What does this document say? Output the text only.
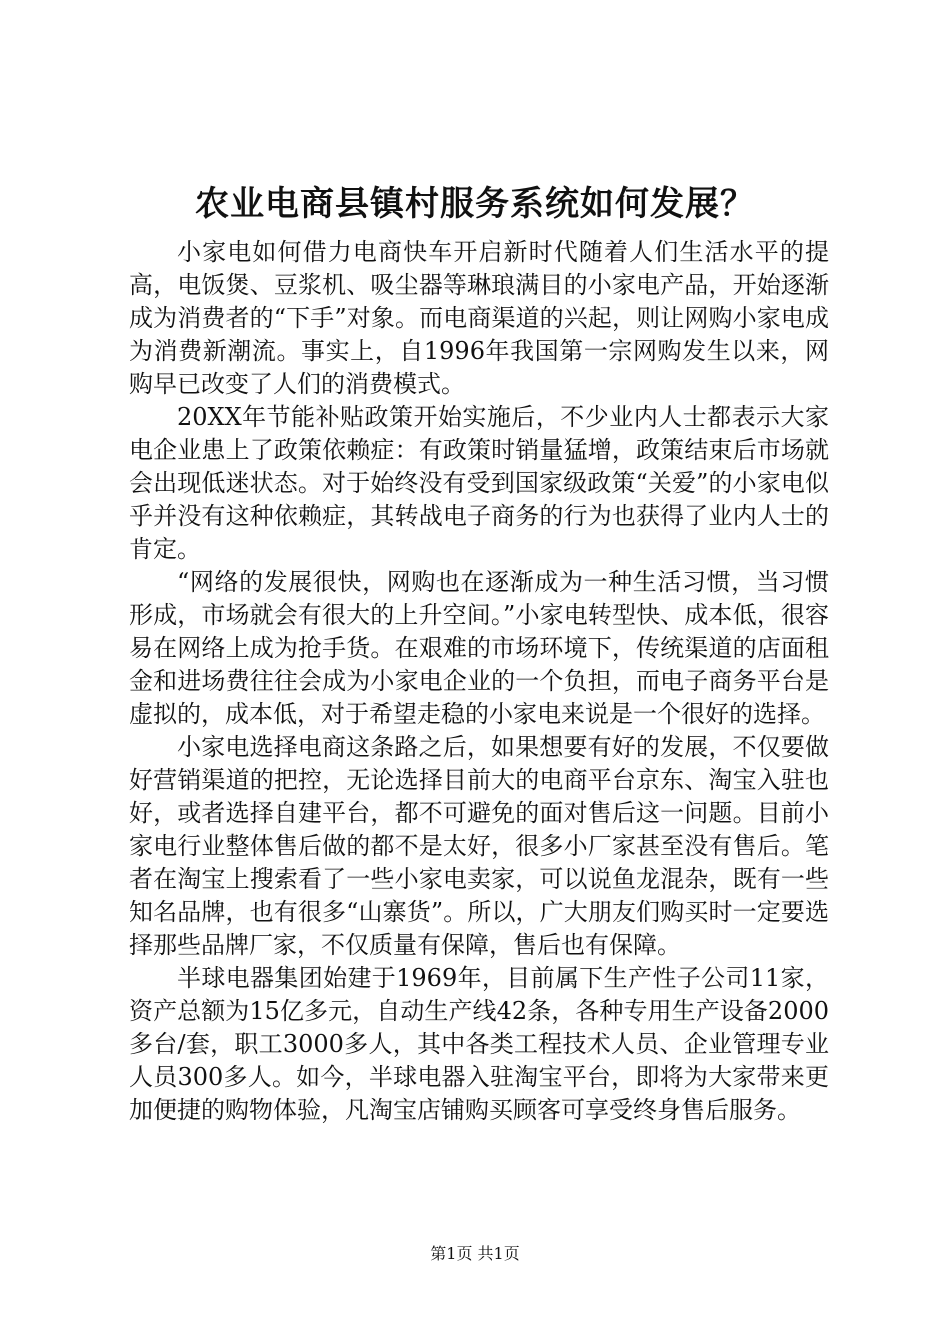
农业电商县镇村服务系统如何发展？

小家电如何借力电商快车开启新时代随着人们生活水平的提高，电饭煲、豆浆机、吸尘器等琳琅满目的小家电产品，开始逐渐成为消费者的“下手”对象。而电商渠道的兴起，则让网购小家电成为消费新潮流。事实上，自1996年我国第一宗网购发生以来，网购早已改变了人们的消费模式。

20XX年节能补贴政策开始实施后，不少业内人士都表示大家电企业患上了政策依赖症：有政策时销量猛增，政策结束后市场就会出现低迷状态。对于始终没有受到国家级政策“关爱”的小家电似乎并没有这种依赖症，其转战电子商务的行为也获得了业内人士的肯定。

“网络的发展很快，网购也在逐渐成为一种生活习惯，当习惯形成，市场就会有很大的上升空间。”小家电转型快、成本低，很容易在网络上成为抢手货。在艰难的市场环境下，传统渠道的店面租金和进场费往往会成为小家电企业的一个负担，而电子商务平台是虚拟的，成本低，对于希望走稳的小家电来说是一个很好的选择。

小家电选择电商这条路之后，如果想要有好的发展，不仅要做好营销渠道的把控，无论选择目前大的电商平台京东、淘宝入驻也好，或者选择自建平台，都不可避免的面对售后这一问题。目前小家电行业整体售后做的都不是太好，很多小厂家甚至没有售后。笔者在淘宝上搜索看了一些小家电卖家，可以说鱼龙混杂，既有一些知名品牌，也有很多“山寨货”。所以，广大朋友们购买时一定要选择那些品牌厂家，不仅质量有保障，售后也有保障。

半球电器集团始建于1969年，目前属下生产性子公司11家，资产总额为15亿多元，自动生产线42条，各种专用生产设备2000多台/套，职工3000多人，其中各类工程技术人员、企业管理专业人员300多人。如今，半球电器入驻淘宝平台，即将为大家带来更加便捷的购物体验，凡淘宝店铺购买顾客可享受终身售后服务。

第1页 共1页
